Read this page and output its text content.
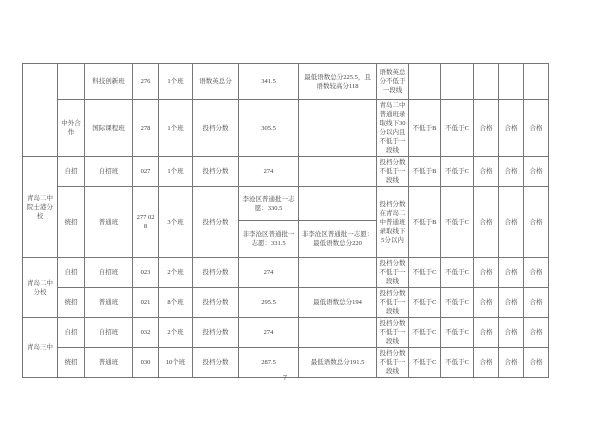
		科技创新班	276	1个班	语数英总分	341.5	最低语数总分225.5，且语数较高分118	语数英总分不低于一段线					
	中外合作	国际课程班	278	1个班	投档分数	305.5		青岛二中普通班录取线下30分以内且不低于一段线	不低于B	不低于C	合格	合格	合格
青岛二中院士港分校	自招	自招班	027	1个班	投档分数	274		投档分数不低于一段线	不低于B	不低于C	合格	合格	合格
	统招	普通班	277 028	3个班	投档分数	李沧区普通批一志愿：330.5		投档分数在青岛二中普通班录取线下5分以内	不低于B	不低于C	合格	合格	合格
						非李沧区普通批一志愿：331.5	非李沧区普通批一志愿：最低语数总分220						
青岛二中分校	自招	自招班	023	2个班	投档分数	274		投档分数不低于一段线	不低于C	不低于C	合格	合格	合格
	统招	普通班	021	8个班	投档分数	295.5	最低语数总分194	投档分数不低于一段线	不低于C	不低于C	合格	合格	合格
青岛三中	自招	自招班	032	2个班	投档分数	274		投档分数不低于一段线	不低于C	不低于C	合格	合格	合格
	统招	普通班	030	10个班	投档分数	287.5	最低语数总分191.5	投档分数不低于一段线	不低于C	不低于C	合格	合格	合格
7
